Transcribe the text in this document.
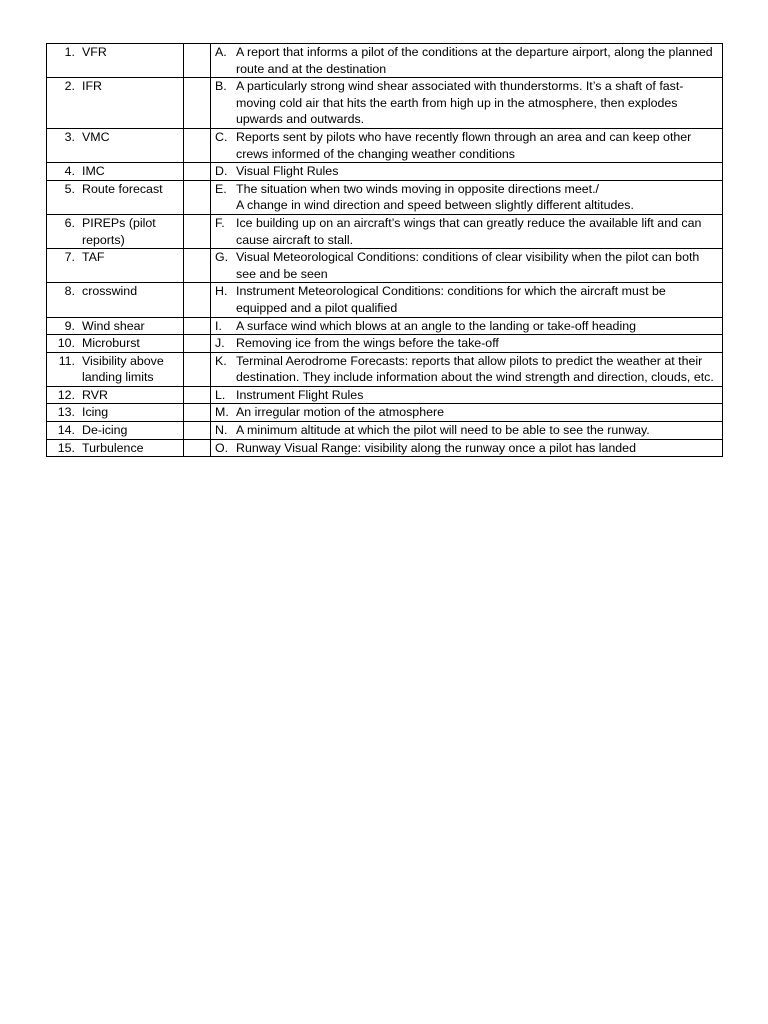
1. VFR		A. A report that informs a pilot of the conditions at the departure airport, along the planned route and at the destination

2. IFR		B. A particularly strong wind shear associated with thunderstorms. It’s a shaft of fast-moving cold air that hits the earth from high up in the atmosphere, then explodes upwards and outwards.

3. VMC		C. Reports sent by pilots who have recently flown through an area and can keep other crews informed of the changing weather conditions

4. IMC		D. Visual Flight Rules

5. Route forecast		E. The situation when two winds moving in opposite directions meet./
A change in wind direction and speed between slightly different altitudes.

6. PIREPs (pilot reports)		F. Ice building up on an aircraft’s wings that can greatly reduce the available lift and can cause aircraft to stall.

7. TAF		G. Visual Meteorological Conditions: conditions of clear visibility when the pilot can both see and be seen

8. crosswind		H. Instrument Meteorological Conditions: conditions for which the aircraft must be equipped and a pilot qualified

9. Wind shear		I. A surface wind which blows at an angle to the landing or take-off heading

10. Microburst		J. Removing ice from the wings before the take-off

11. Visibility above landing limits		K. Terminal Aerodrome Forecasts: reports that allow pilots to predict the weather at their destination. They include information about the wind strength and direction, clouds, etc.

12. RVR		L. Instrument Flight Rules

13. Icing		M. An irregular motion of the atmosphere

14. De-icing		N. A minimum altitude at which the pilot will need to be able to see the runway.

15. Turbulence		O. Runway Visual Range: visibility along the runway once a pilot has landed
